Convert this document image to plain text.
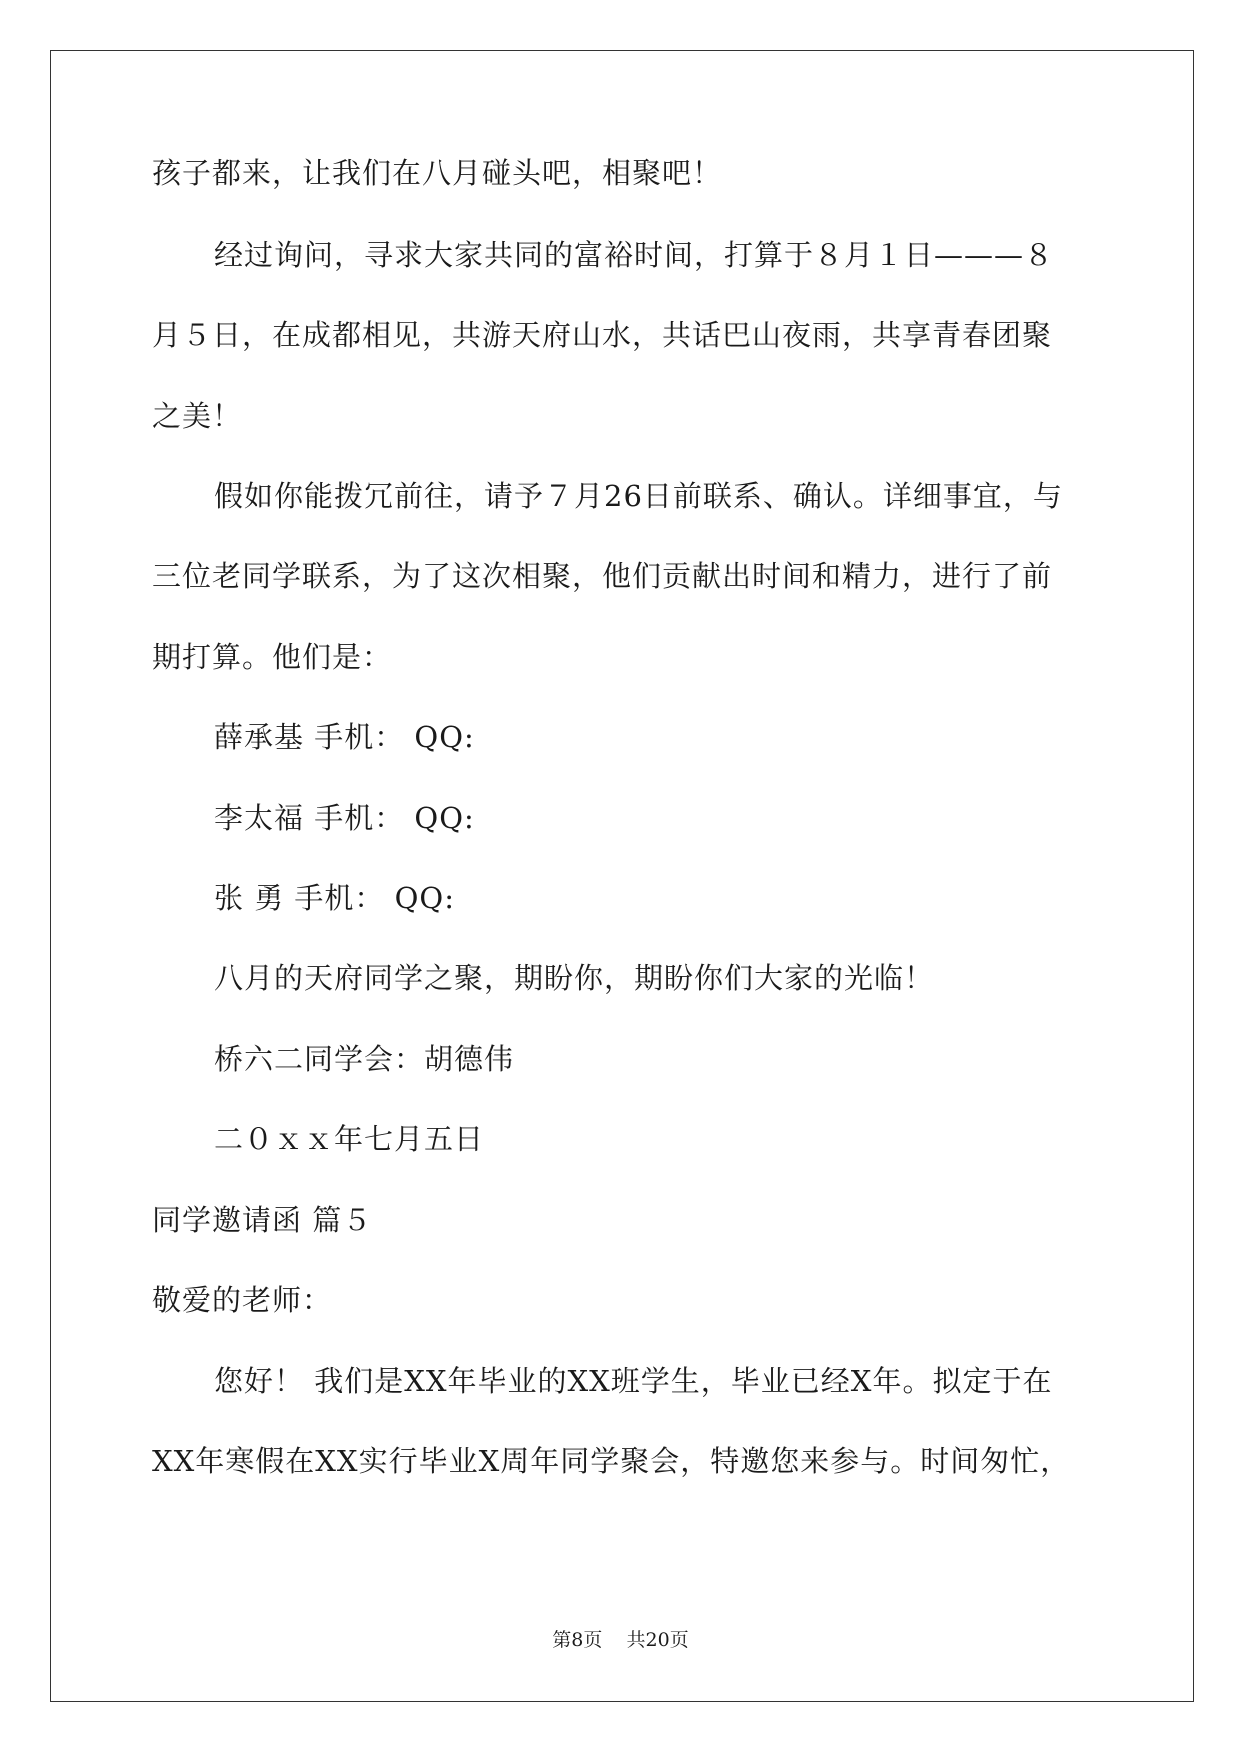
孩子都来，让我们在八月碰头吧，相聚吧！
经过询问，寻求大家共同的富裕时间，打算于８月１日———８
月５日，在成都相见，共游天府山水，共话巴山夜雨，共享青春团聚
之美！
假如你能拨冗前往，请予７月26日前联系、确认。详细事宜，与
三位老同学联系，为了这次相聚，他们贡献出时间和精力，进行了前
期打算。他们是：
薛承基 手机： QQ:
李太福 手机： QQ:
张 勇 手机： QQ:
八月的天府同学之聚，期盼你，期盼你们大家的光临！
桥六二同学会：胡德伟
二０ｘｘ年七月五日
同学邀请函 篇５
敬爱的老师：
您好！ 我们是XX年毕业的XX班学生，毕业已经X年。拟定于在
XX年寒假在XX实行毕业X周年同学聚会，特邀您来参与。时间匆忙，
第8页    共20页
